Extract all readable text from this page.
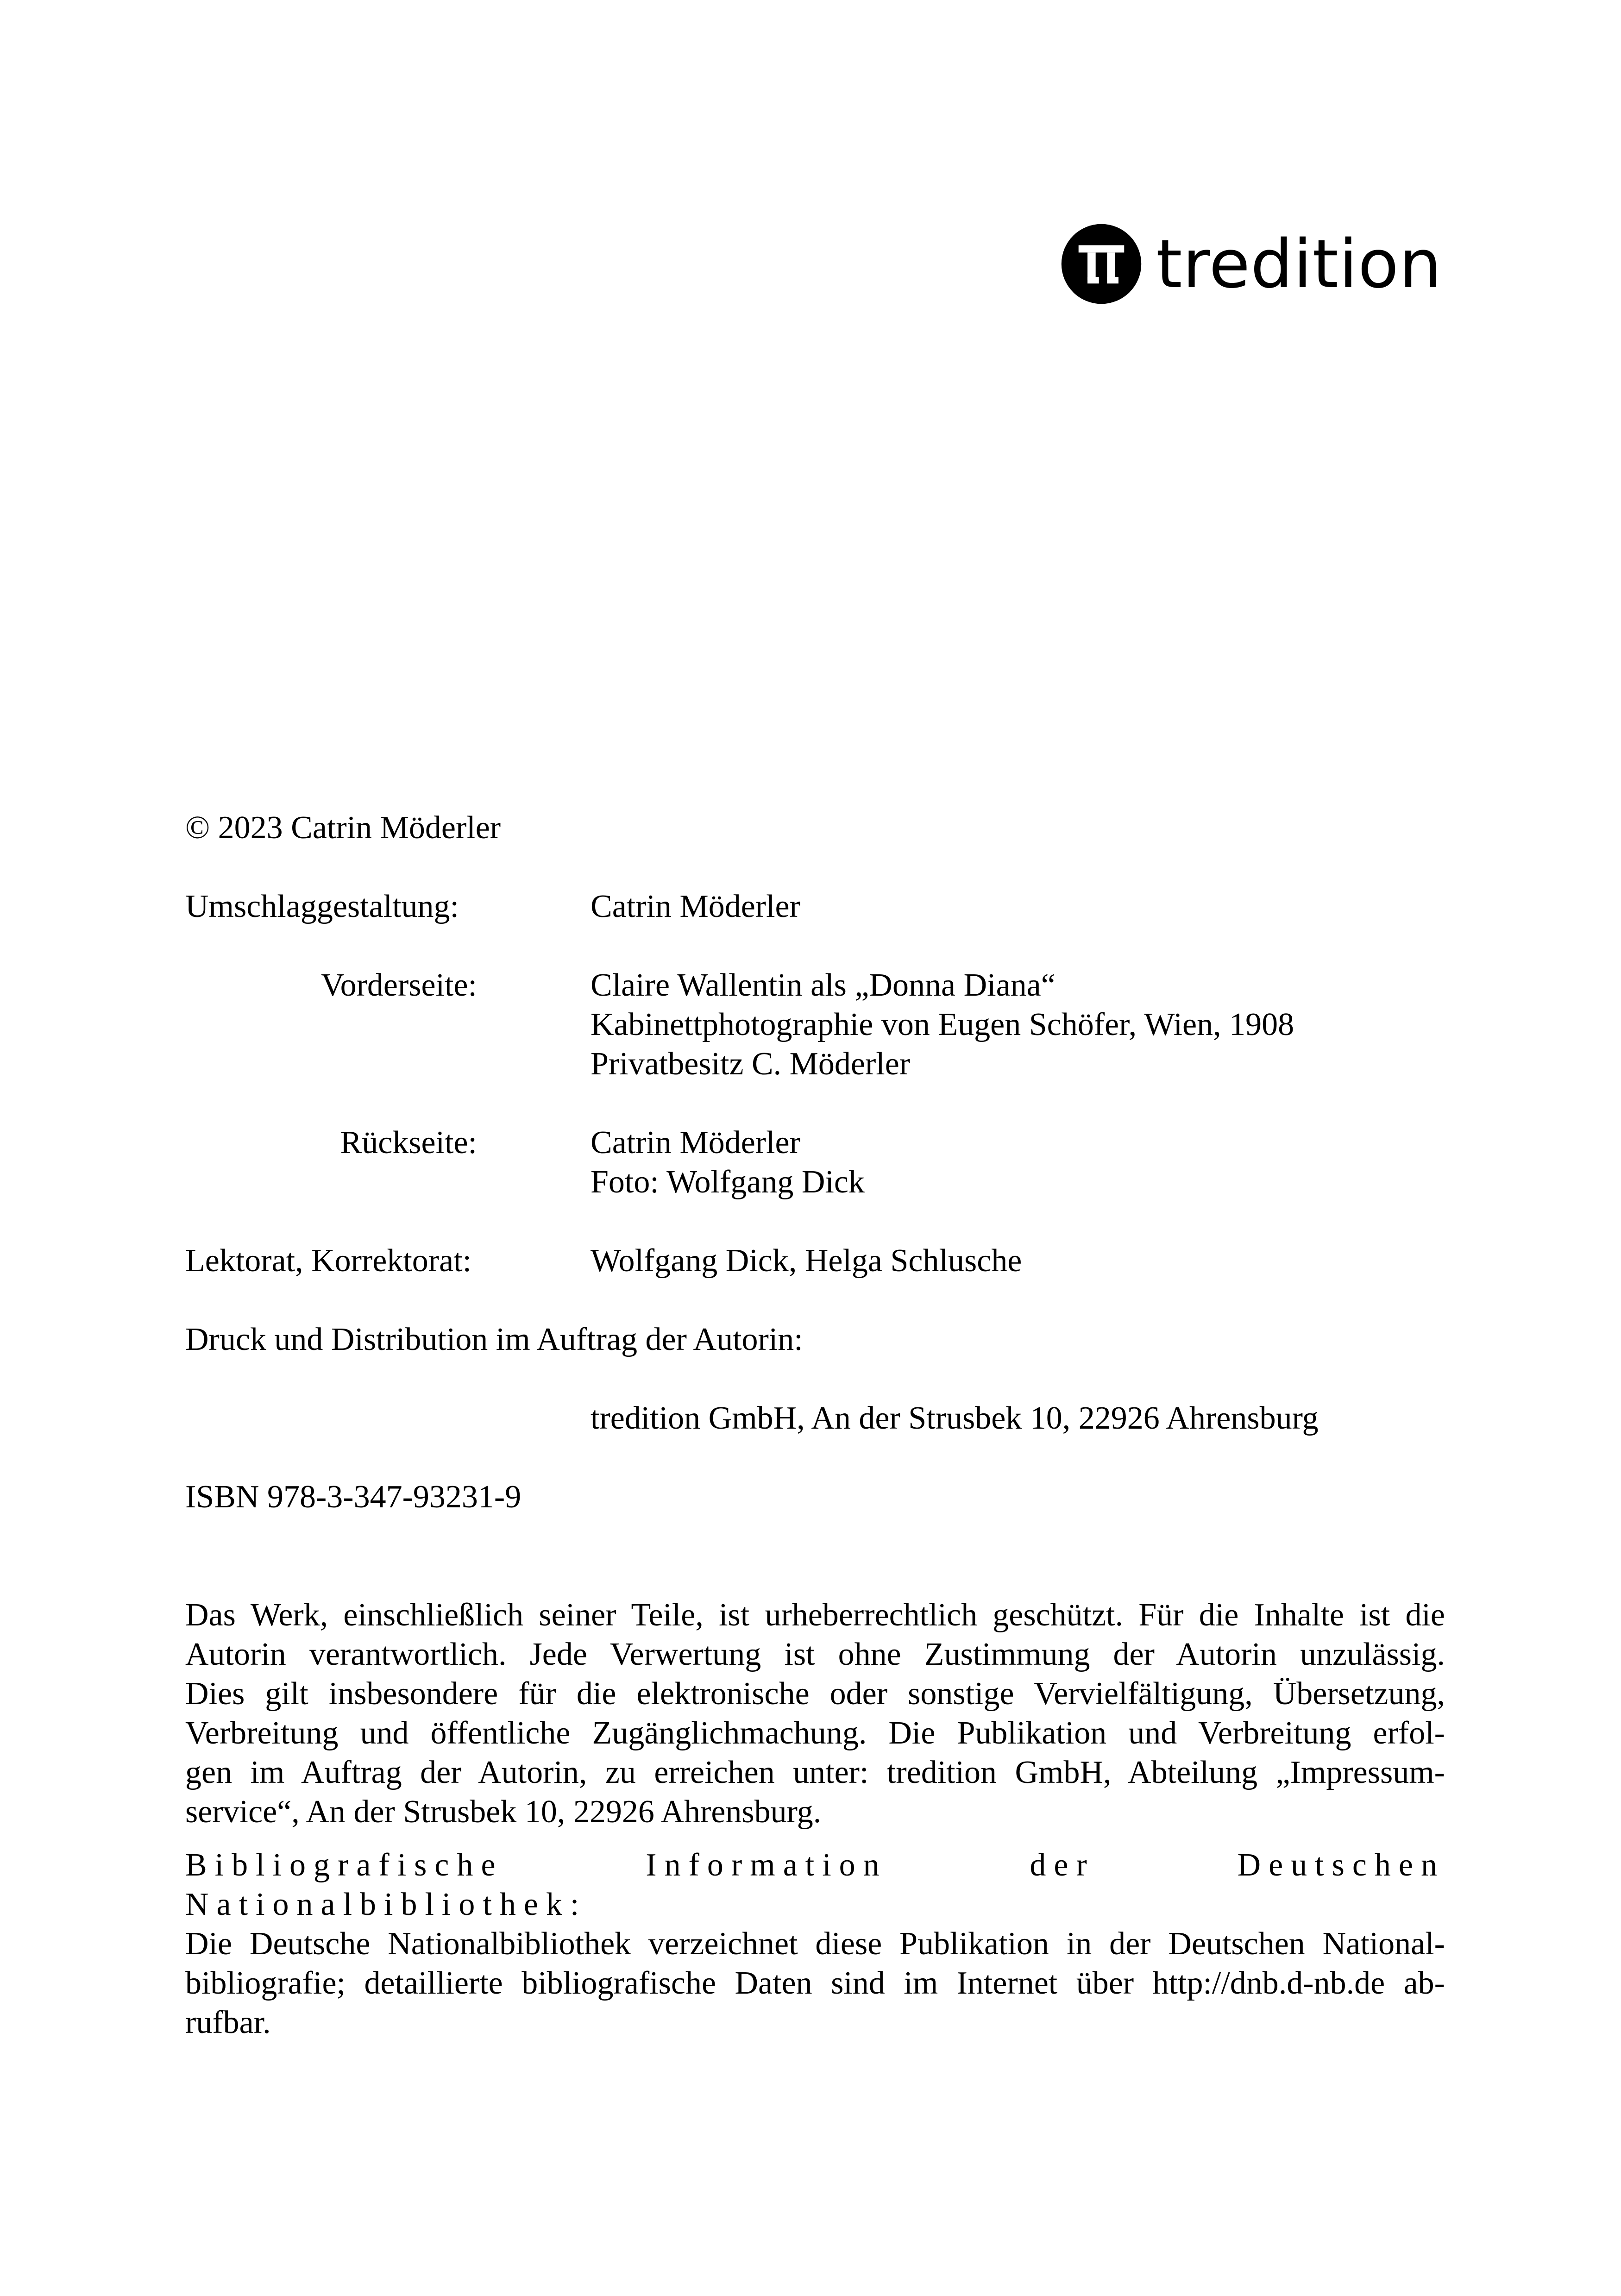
tredition

© 2023 Catrin Möderler

Umschlaggestaltung:	Catrin Möderler
Vorderseite:	Claire Wallentin als „Donna Diana“
Kabinettphotographie von Eugen Schöfer, Wien, 1908
Privatbesitz C. Möderler
Rückseite:	Catrin Möderler
Foto: Wolfgang Dick
Lektorat, Korrektorat:	Wolfgang Dick, Helga Schlusche

Druck und Distribution im Auftrag der Autorin:

tredition GmbH, An der Strusbek 10, 22926 Ahrensburg

ISBN 978-3-347-93231-9

Das Werk, einschließlich seiner Teile, ist urheberrechtlich geschützt. Für die Inhalte ist die
Autorin verantwortlich. Jede Verwertung ist ohne Zustimmung der Autorin unzulässig.
Dies gilt insbesondere für die elektronische oder sonstige Vervielfältigung, Übersetzung,
Verbreitung und öffentliche Zugänglichmachung. Die Publikation und Verbreitung erfol-
gen im Auftrag der Autorin, zu erreichen unter: tredition GmbH, Abteilung „Impressum-
service“, An der Strusbek 10, 22926 Ahrensburg.
Bibliografische Information der Deutschen Nationalbibliothek:
Die Deutsche Nationalbibliothek verzeichnet diese Publikation in der Deutschen National-
bibliografie; detaillierte bibliografische Daten sind im Internet über http://dnb.d-nb.de ab-
rufbar.
